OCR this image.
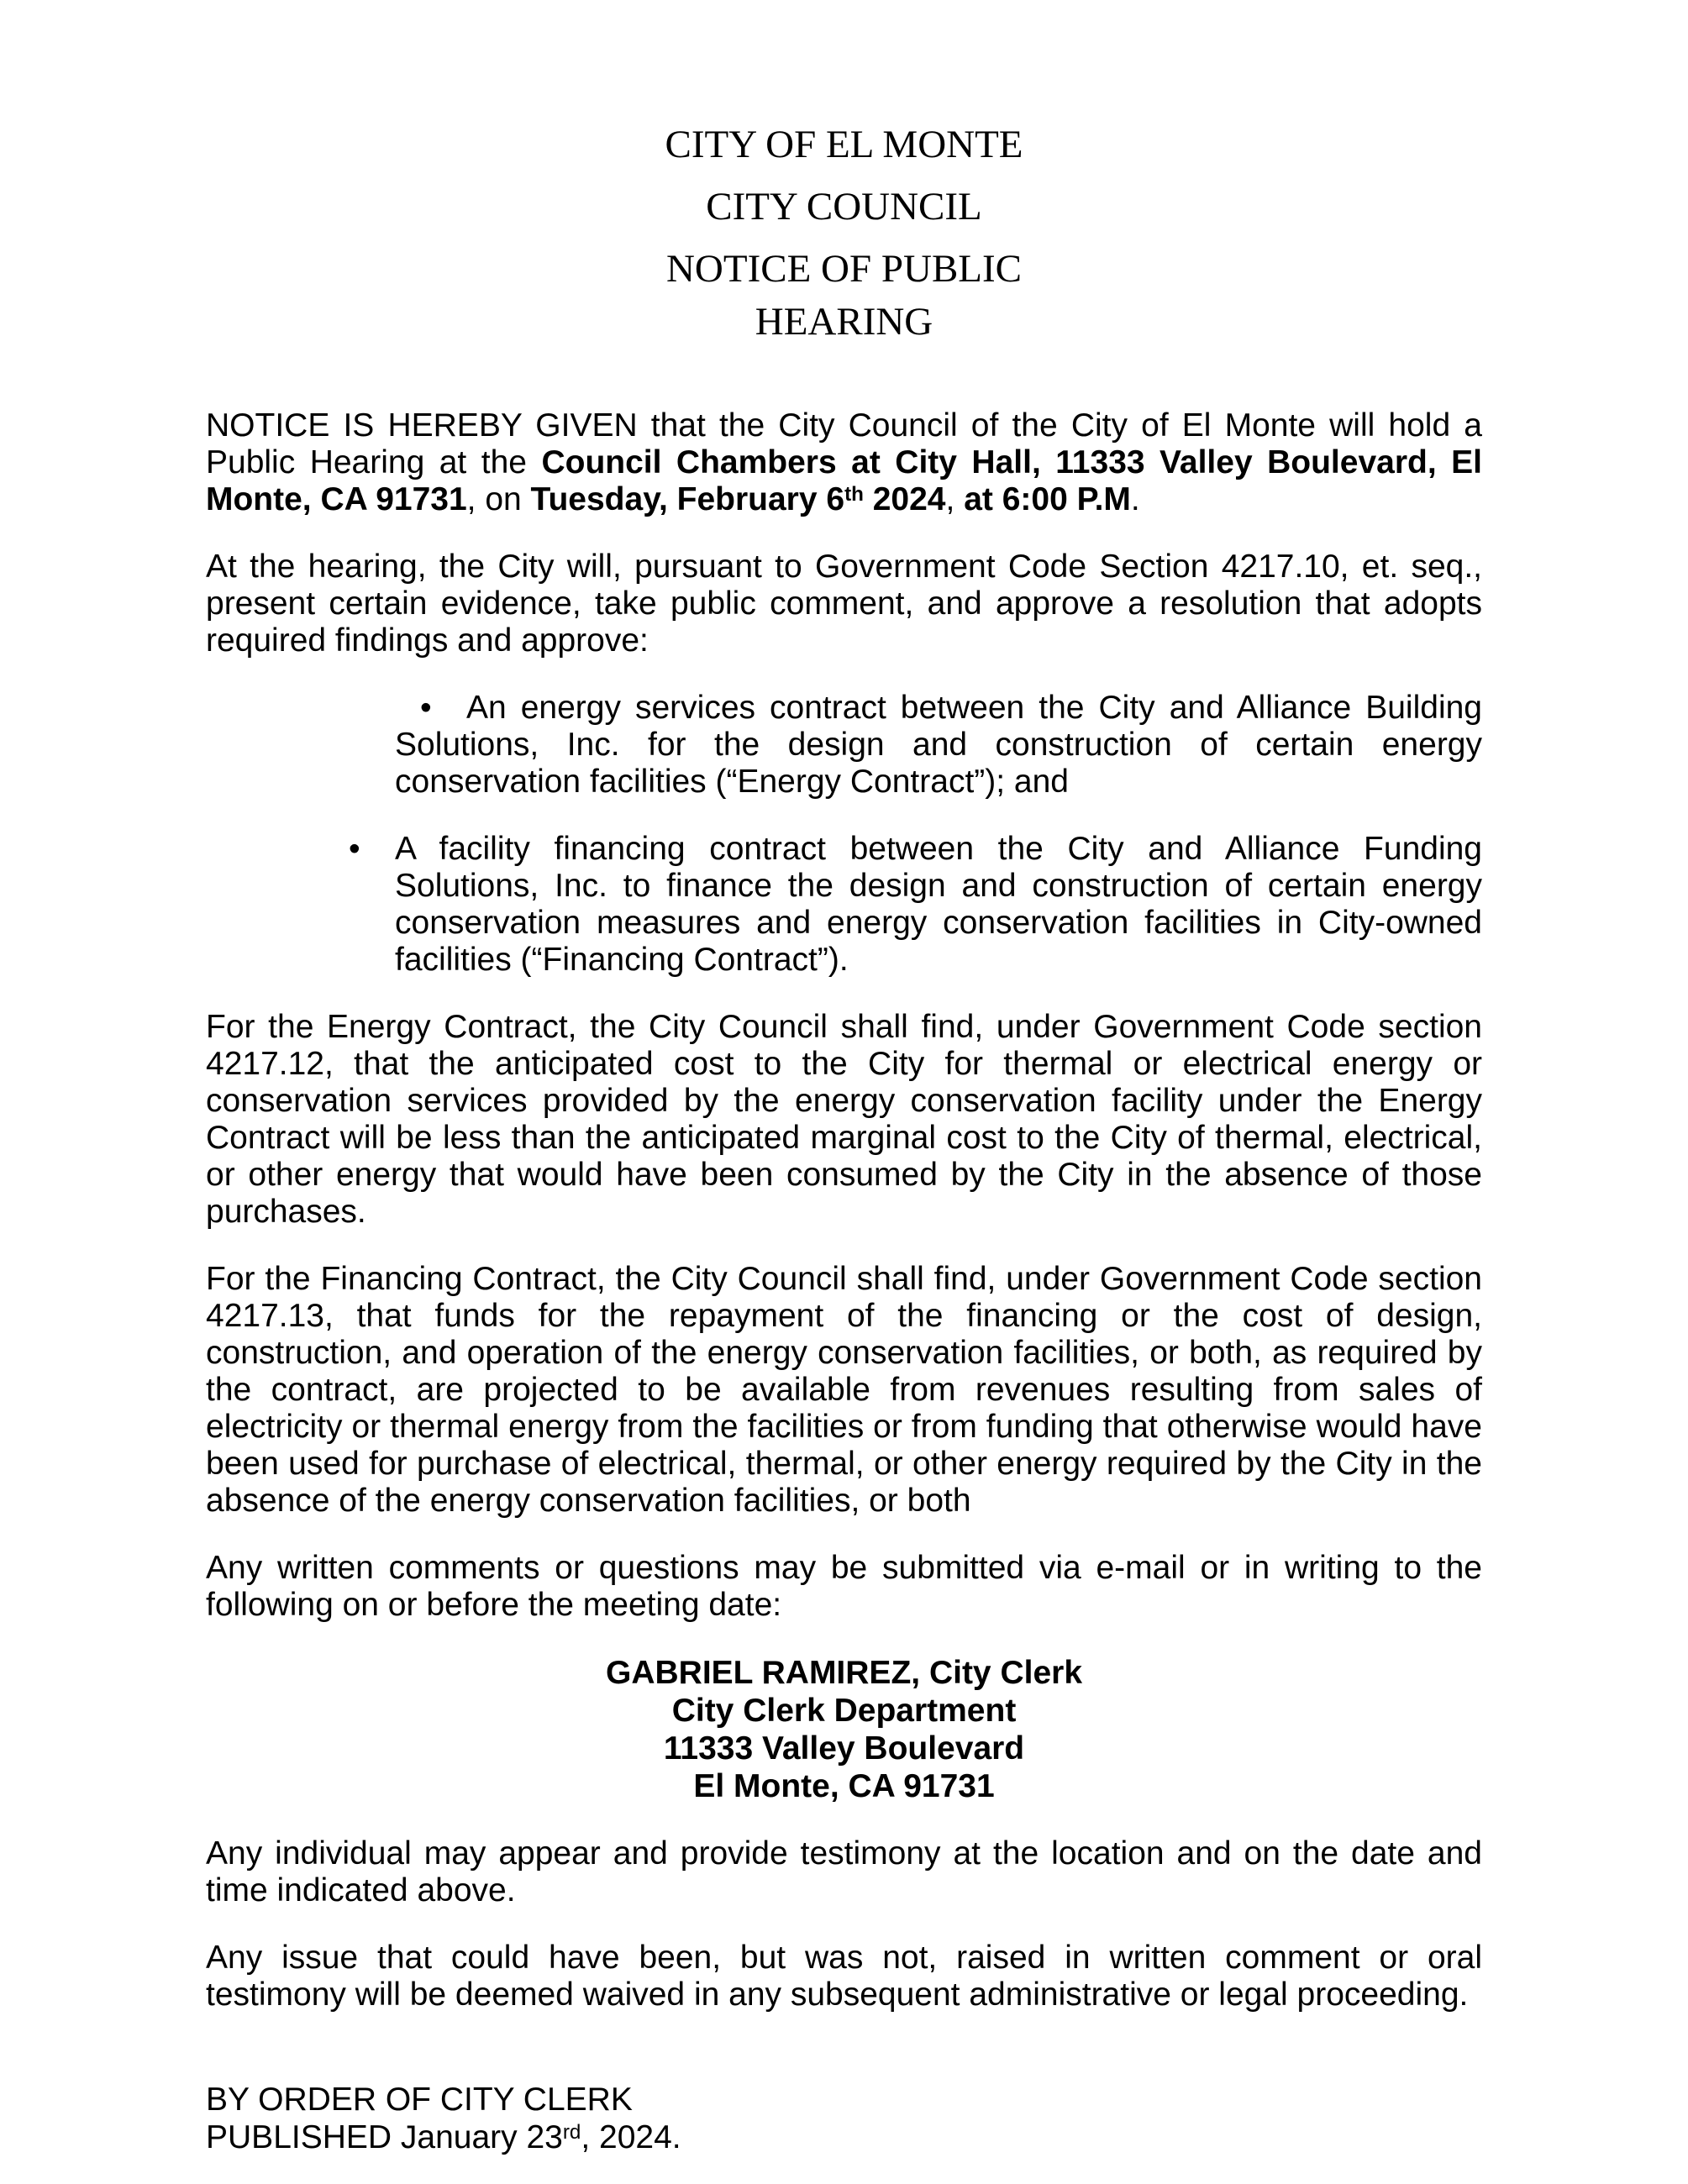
CITY OF EL MONTE
CITY COUNCIL
NOTICE OF PUBLIC
HEARING

NOTICE IS HEREBY GIVEN that the City Council of the City of El Monte will hold a Public Hearing at the Council Chambers at City Hall, 11333 Valley Boulevard, El Monte, CA 91731, on Tuesday, February 6th 2024, at 6:00 P.M.

At the hearing, the City will, pursuant to Government Code Section 4217.10, et. seq., present certain evidence, take public comment, and approve a resolution that adopts required findings and approve:

• An energy services contract between the City and Alliance Building Solutions, Inc. for the design and construction of certain energy conservation facilities (“Energy Contract”); and
• A facility financing contract between the City and Alliance Funding Solutions, Inc. to finance the design and construction of certain energy conservation measures and energy conservation facilities in City-owned facilities (“Financing Contract”).

For the Energy Contract, the City Council shall find, under Government Code section 4217.12, that the anticipated cost to the City for thermal or electrical energy or conservation services provided by the energy conservation facility under the Energy Contract will be less than the anticipated marginal cost to the City of thermal, electrical, or other energy that would have been consumed by the City in the absence of those purchases.

For the Financing Contract, the City Council shall find, under Government Code section 4217.13, that funds for the repayment of the financing or the cost of design, construction, and operation of the energy conservation facilities, or both, as required by the contract, are projected to be available from revenues resulting from sales of electricity or thermal energy from the facilities or from funding that otherwise would have been used for purchase of electrical, thermal, or other energy required by the City in the absence of the energy conservation facilities, or both

Any written comments or questions may be submitted via e-mail or in writing to the following on or before the meeting date:

GABRIEL RAMIREZ, City Clerk
City Clerk Department
11333 Valley Boulevard
El Monte, CA 91731

Any individual may appear and provide testimony at the location and on the date and time indicated above.

Any issue that could have been, but was not, raised in written comment or oral testimony will be deemed waived in any subsequent administrative or legal proceeding.

BY ORDER OF CITY CLERK
PUBLISHED January 23rd, 2024.
